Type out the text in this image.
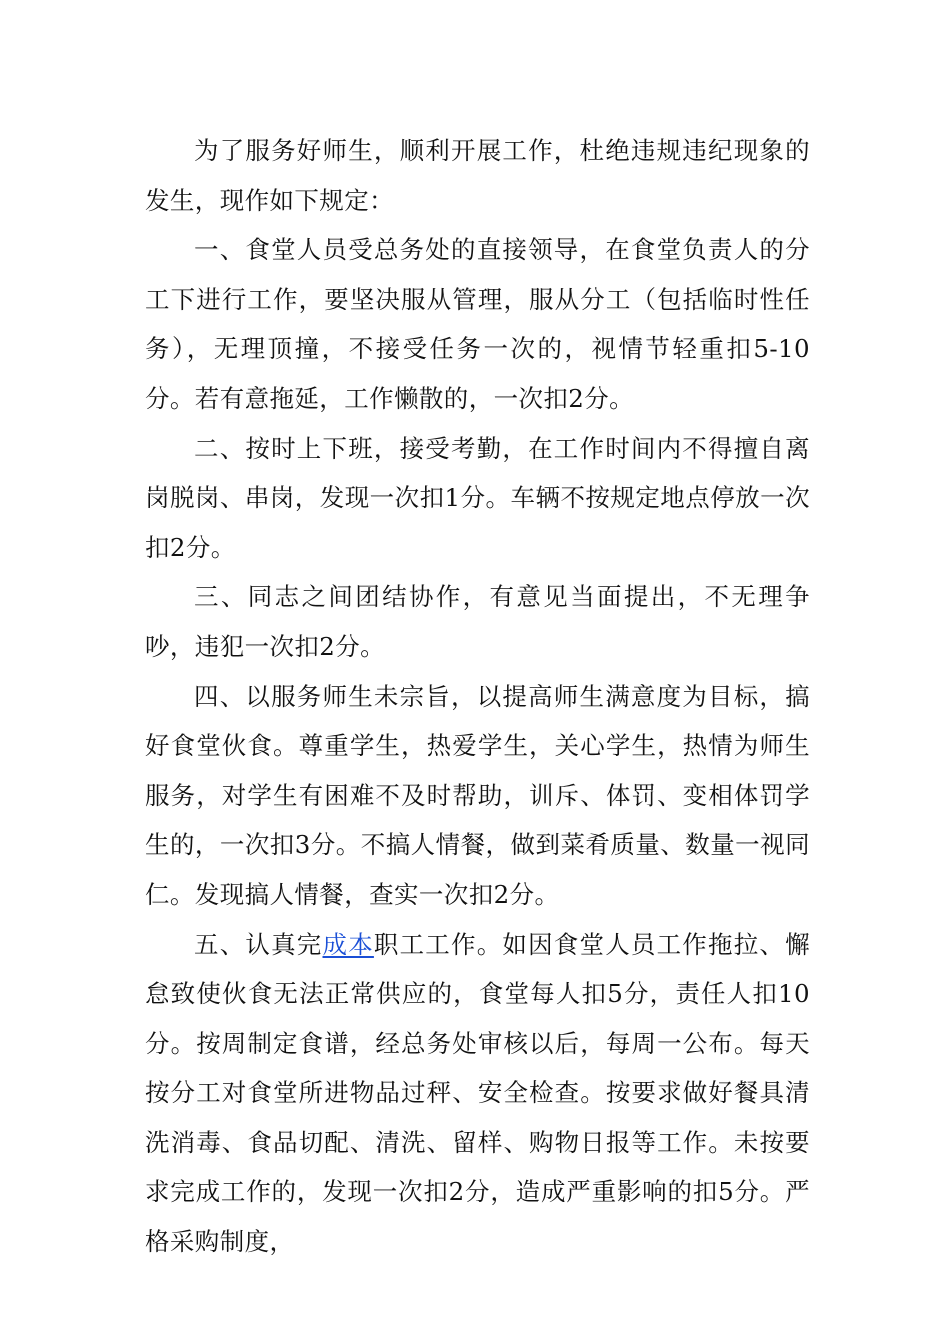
为了服务好师生，顺利开展工作，杜绝违规违纪现象的发生，现作如下规定：

一、食堂人员受总务处的直接领导，在食堂负责人的分工下进行工作，要坚决服从管理，服从分工（包括临时性任务），无理顶撞，不接受任务一次的，视情节轻重扣5-10分。若有意拖延，工作懒散的，一次扣2分。

二、按时上下班，接受考勤，在工作时间内不得擅自离岗脱岗、串岗，发现一次扣1分。车辆不按规定地点停放一次扣2分。

三、同志之间团结协作，有意见当面提出，不无理争吵，违犯一次扣2分。

四、以服务师生未宗旨，以提高师生满意度为目标，搞好食堂伙食。尊重学生，热爱学生，关心学生，热情为师生服务，对学生有困难不及时帮助，训斥、体罚、变相体罚学生的，一次扣3分。不搞人情餐，做到菜肴质量、数量一视同仁。发现搞人情餐，查实一次扣2分。

五、认真完成本职工工作。如因食堂人员工作拖拉、懈怠致使伙食无法正常供应的，食堂每人扣5分，责任人扣10分。按周制定食谱，经总务处审核以后，每周一公布。每天按分工对食堂所进物品过秤、安全检查。按要求做好餐具清洗消毒、食品切配、清洗、留样、购物日报等工作。未按要求完成工作的，发现一次扣2分，造成严重影响的扣5分。严格采购制度，
